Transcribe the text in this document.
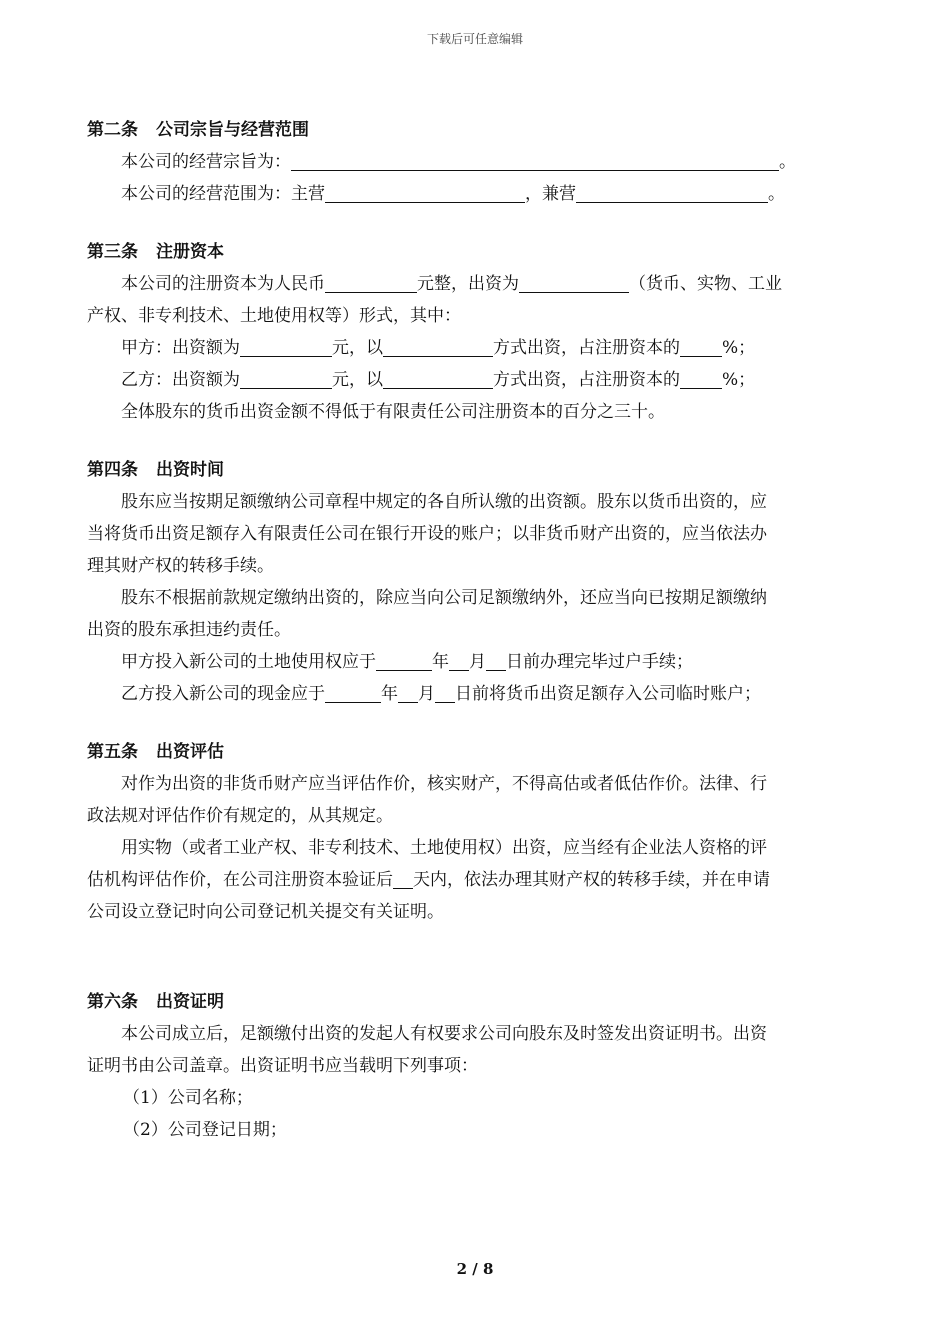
下载后可任意编辑
第二条 公司宗旨与经营范围
本公司的经营宗旨为：	。
本公司的经营范围为：主营	，兼营	。
第三条 注册资本
本公司的注册资本为人民币	元整，出资为	（货币、实物、工业
产权、非专利技术、土地使用权等）形式，其中：
甲方：出资额为	元，以	方式出资，占注册资本的 %；
乙方：出资额为	元，以	方式出资，占注册资本的 %；
全体股东的货币出资金额不得低于有限责任公司注册资本的百分之三十。
第四条 出资时间
股东应当按期足额缴纳公司章程中规定的各自所认缴的出资额。股东以货币出资的，应
当将货币出资足额存入有限责任公司在银行开设的账户；以非货币财产出资的，应当依法办
理其财产权的转移手续。
股东不根据前款规定缴纳出资的，除应当向公司足额缴纳外，还应当向已按期足额缴纳
出资的股东承担违约责任。
甲方投入新公司的土地使用权应于	年 月 日前办理完毕过户手续；
乙方投入新公司的现金应于	年 月 日前将货币出资足额存入公司临时账户；
第五条 出资评估
对作为出资的非货币财产应当评估作价，核实财产，不得高估或者低估作价。法律、行
政法规对评估作价有规定的，从其规定。
用实物（或者工业产权、非专利技术、土地使用权）出资，应当经有企业法人资格的评
估机构评估作价，在公司注册资本验证后 天内，依法办理其财产权的转移手续，并在申请
公司设立登记时向公司登记机关提交有关证明。
第六条 出资证明
本公司成立后，足额缴付出资的发起人有权要求公司向股东及时签发出资证明书。出资
证明书由公司盖章。出资证明书应当载明下列事项：
（1）公司名称；
（2）公司登记日期；
2 / 8
